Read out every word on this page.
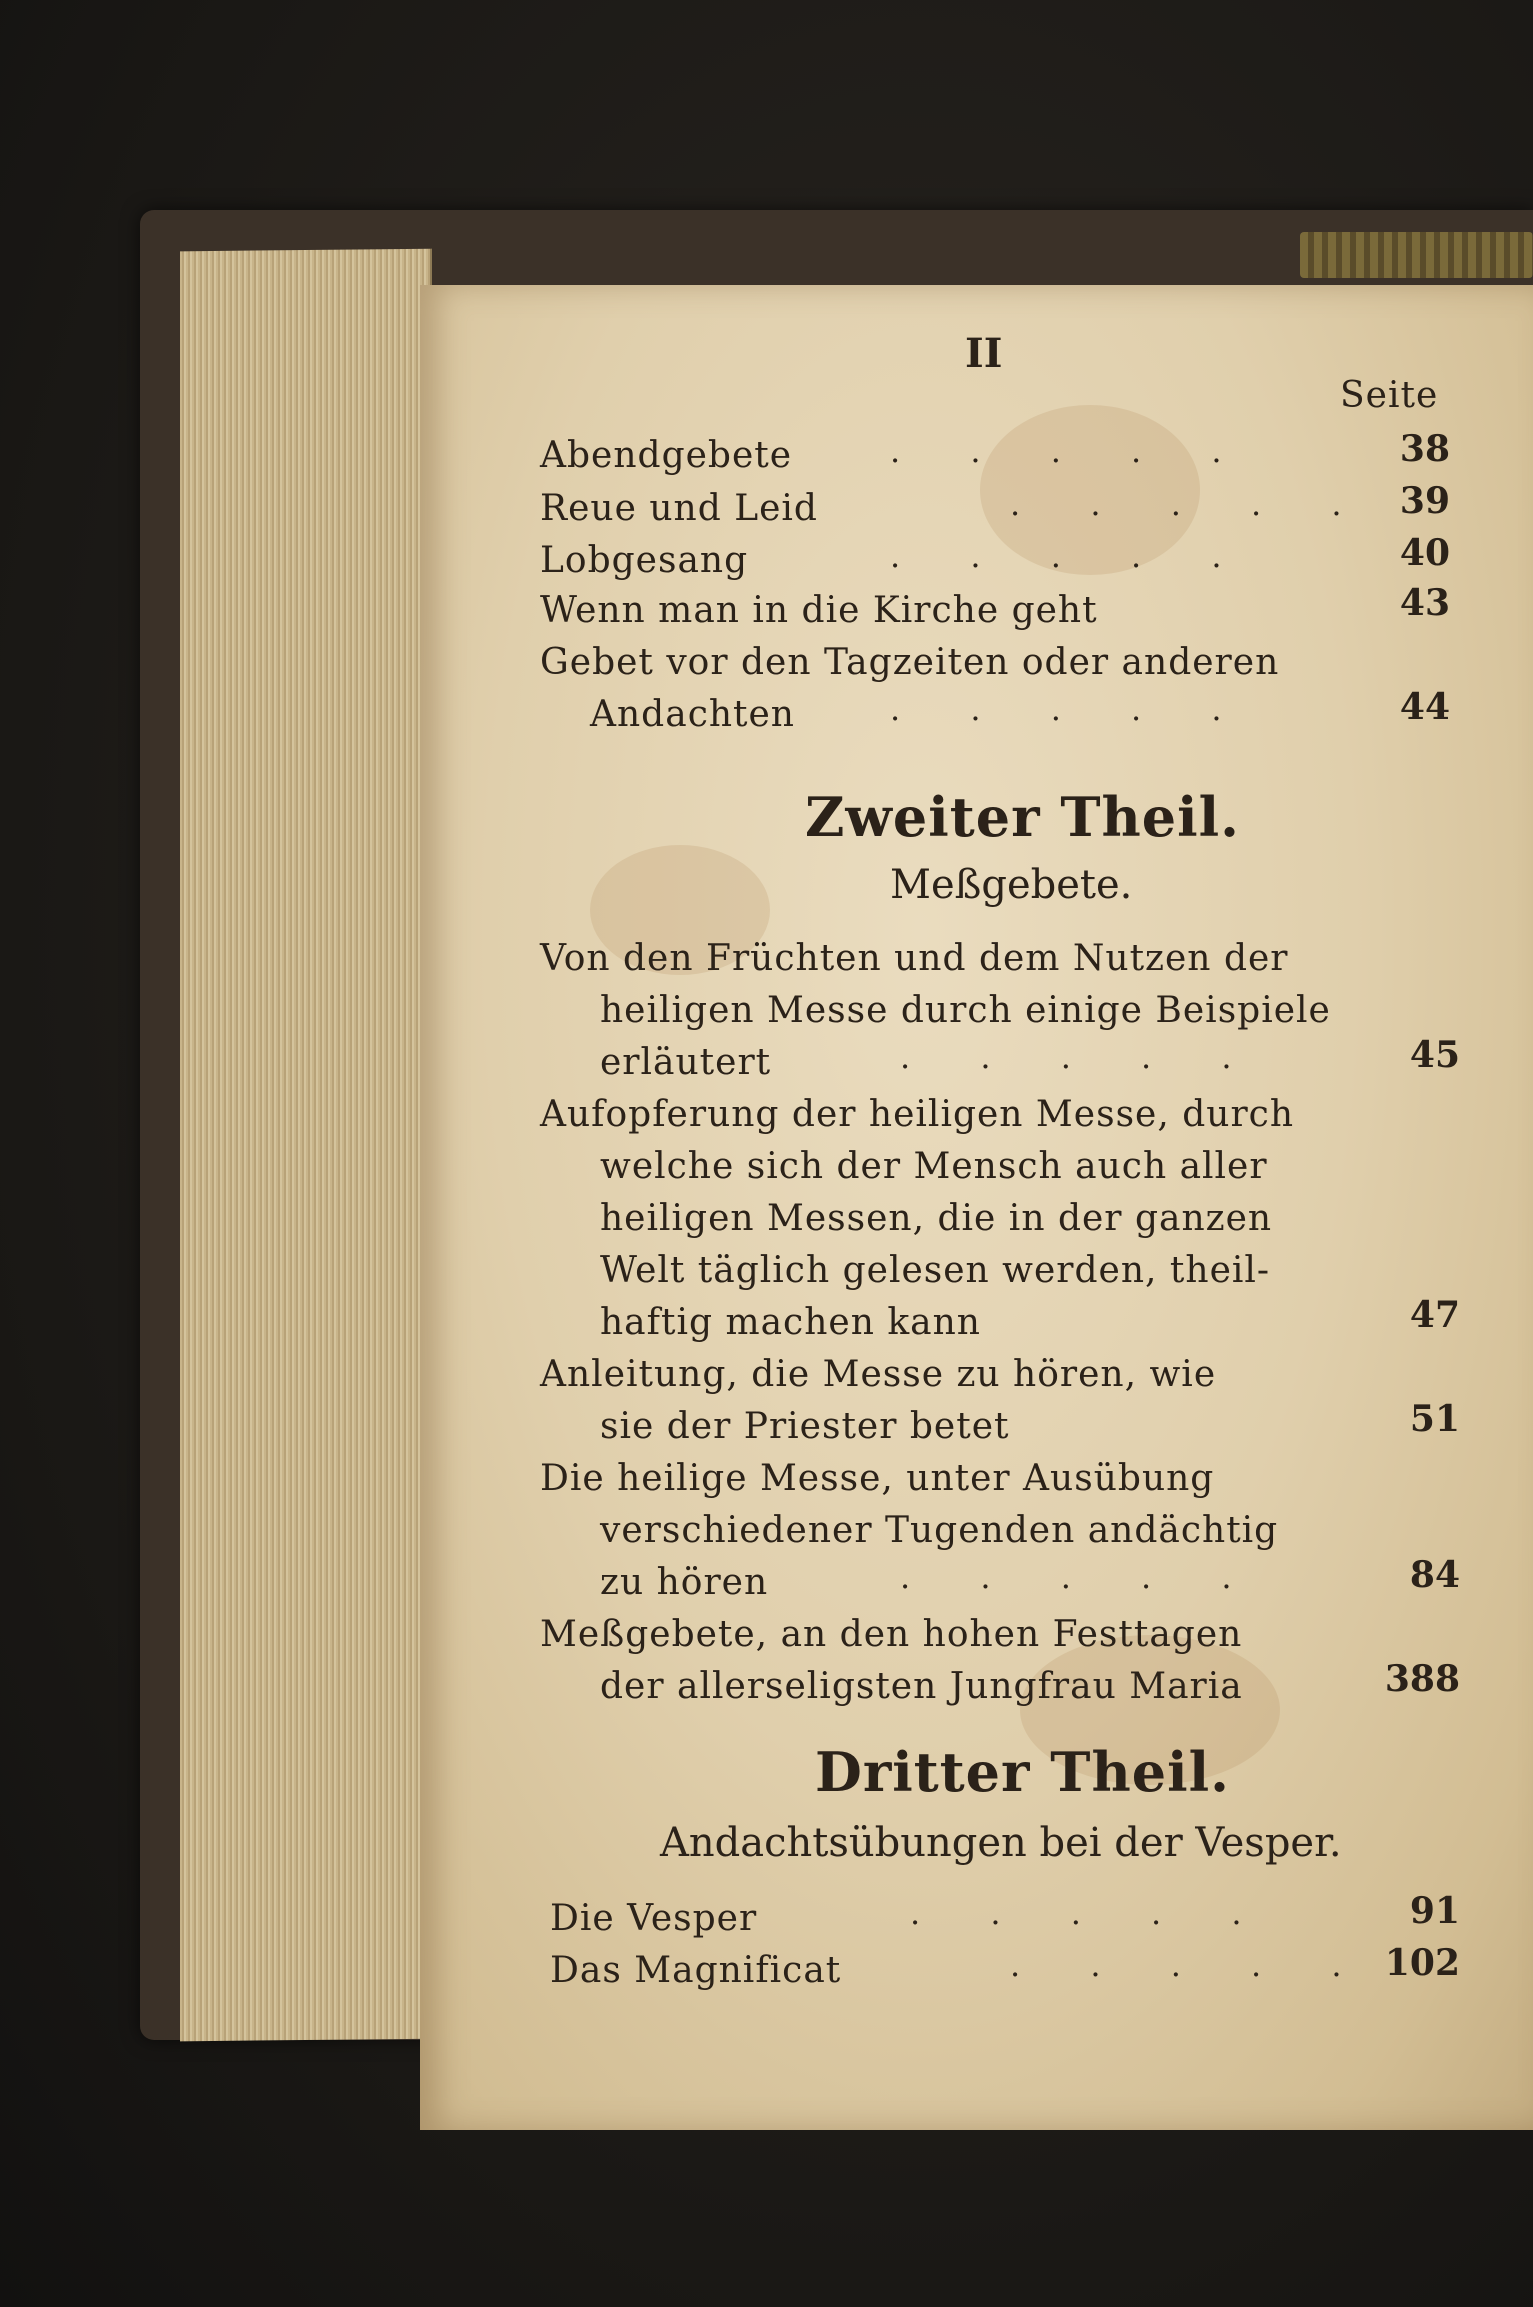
II
Seite
Abendgebete	. . . . .	38
Reue und Leid	. . . . . 39
Lobgesang	. . . . .	40
Wenn man in die Kirche geht	43
Gebet vor den Tagzeiten oder anderen
Andachten	. . . . .	44
Zweiter Theil.
Meßgebete.
Von den Früchten und dem Nutzen der
heiligen Messe durch einige Beispiele
erläutert	. . . . .	45
Aufopferung der heiligen Messe, durch
welche sich der Mensch auch aller
heiligen Messen, die in der ganzen
Welt täglich gelesen werden, theil-
haftig machen kann	47
Anleitung, die Messe zu hören, wie
sie der Priester betet	51
Die heilige Messe, unter Ausübung
verschiedener Tugenden andächtig
zu hören	. . . . .	84
Meßgebete, an den hohen Festtagen
der allerseligsten Jungfrau Maria	388
Dritter Theil.
Andachtsübungen bei der Vesper.
Die Vesper	. . . . .	91
Das Magnificat	. . . . . 102
